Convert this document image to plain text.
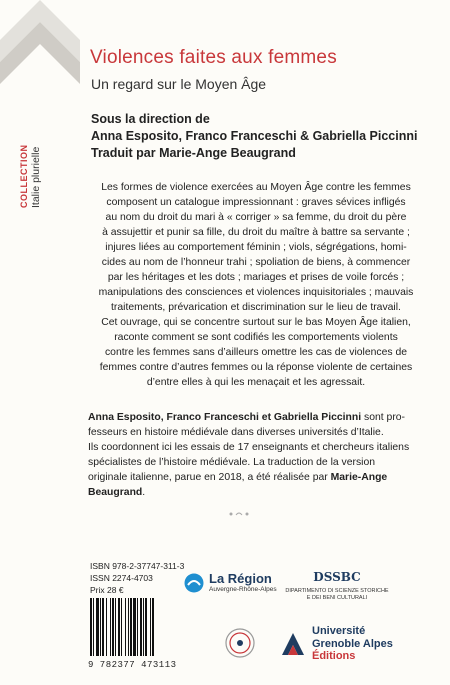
COLLECTION Italie plurielle
Violences faites aux femmes
Un regard sur le Moyen Âge
Sous la direction de
Anna Esposito, Franco Franceschi & Gabriella Piccinni
Traduit par Marie-Ange Beaugrand

Les formes de violence exercées au Moyen Âge contre les femmes

composent un catalogue impressionnant : graves sévices infligés

au nom du droit du mari à « corriger » sa femme, du droit du père

à assujettir et punir sa fille, du droit du maître à battre sa servante ;

injures liées au comportement féminin ; viols, ségrégations, homi-

cides au nom de l’honneur trahi ; spoliation de biens, à commencer

par les héritages et les dots ; mariages et prises de voile forcés ;

manipulations des consciences et violences inquisitoriales ; mauvais

traitements, prévarication et discrimination sur le lieu de travail.

Cet ouvrage, qui se concentre surtout sur le bas Moyen Âge italien,

raconte comment se sont codifiés les comportements violents

contre les femmes sans d’ailleurs omettre les cas de violences de

femmes contre d’autres femmes ou la réponse violente de certaines

d’entre elles à qui les menaçait et les agressait.

Anna Esposito, Franco Franceschi et Gabriella Piccinni sont pro-

fesseurs en histoire médiévale dans diverses universités d’Italie.

Ils coordonnent ici les essais de 17 enseignants et chercheurs italiens

spécialistes de l’histoire médiévale. La traduction de la version

originale italienne, parue en 2018, a été réalisée par Marie-Ange

Beaugrand.

ISBN 978-2-37747-311-3
ISSN 2274-4703
Prix 28 €
9 782377 473113
La Région
Auvergne-Rhône-Alpes
DSSBC
DIPARTIMENTO DI SCIENZE STORICHE
E DEI BENI CULTURALI
Université
Grenoble Alpes
Éditions
